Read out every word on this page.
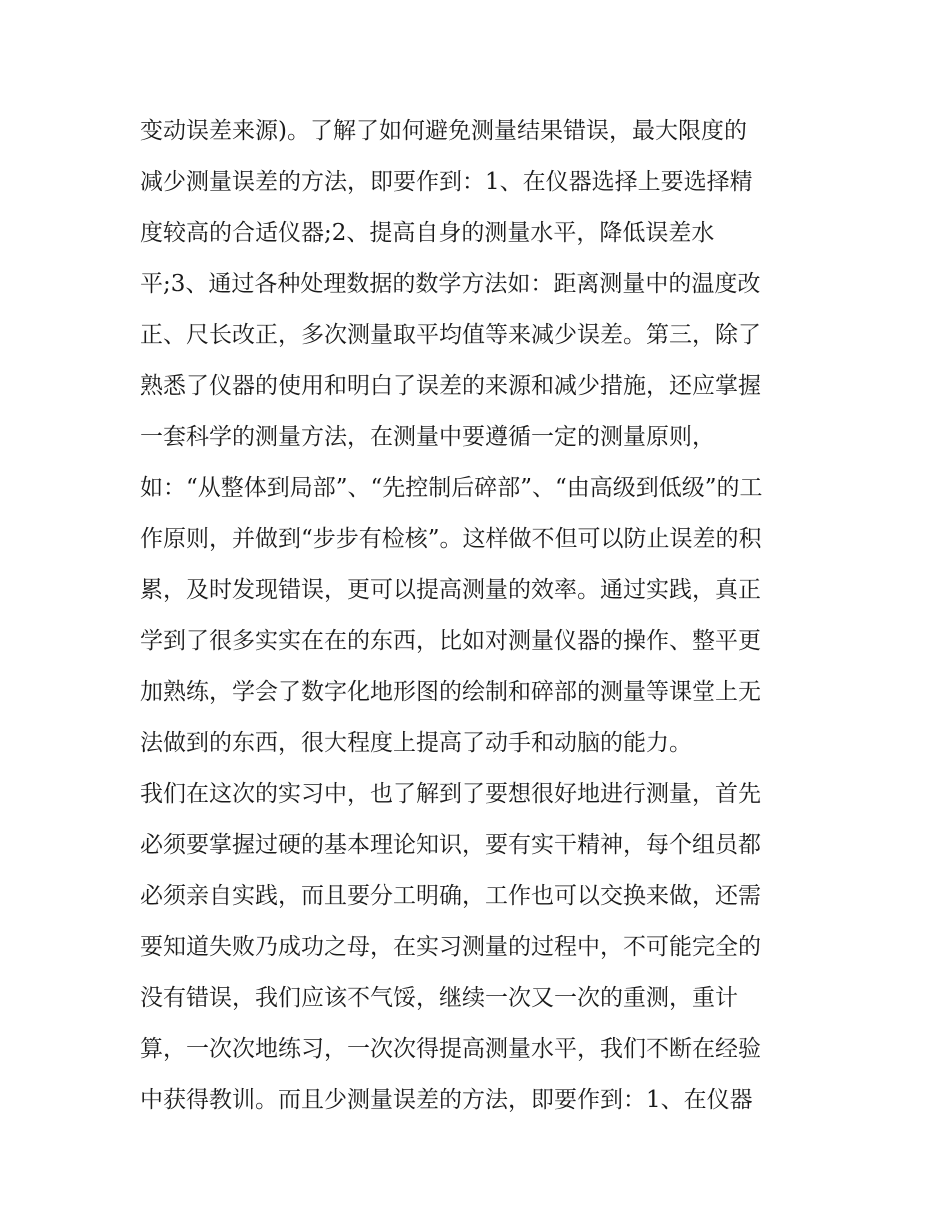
变动误差来源)。了解了如何避免测量结果错误，最大限度的
减少测量误差的方法，即要作到：1、在仪器选择上要选择精
度较高的合适仪器;2、提高自身的测量水平，降低误差水
平;3、通过各种处理数据的数学方法如：距离测量中的温度改
正、尺长改正，多次测量取平均值等来减少误差。第三，除了
熟悉了仪器的使用和明白了误差的来源和减少措施，还应掌握
一套科学的测量方法，在测量中要遵循一定的测量原则，
如：“从整体到局部”、“先控制后碎部”、“由高级到低级”的工
作原则，并做到“步步有检核”。这样做不但可以防止误差的积
累，及时发现错误，更可以提高测量的效率。通过实践，真正
学到了很多实实在在的东西，比如对测量仪器的操作、整平更
加熟练，学会了数字化地形图的绘制和碎部的测量等课堂上无
法做到的东西，很大程度上提高了动手和动脑的能力。
我们在这次的实习中，也了解到了要想很好地进行测量，首先
必须要掌握过硬的基本理论知识，要有实干精神，每个组员都
必须亲自实践，而且要分工明确，工作也可以交换来做，还需
要知道失败乃成功之母，在实习测量的过程中，不可能完全的
没有错误，我们应该不气馁，继续一次又一次的重测，重计
算，一次次地练习，一次次得提高测量水平，我们不断在经验
中获得教训。而且少测量误差的方法，即要作到：1、在仪器
